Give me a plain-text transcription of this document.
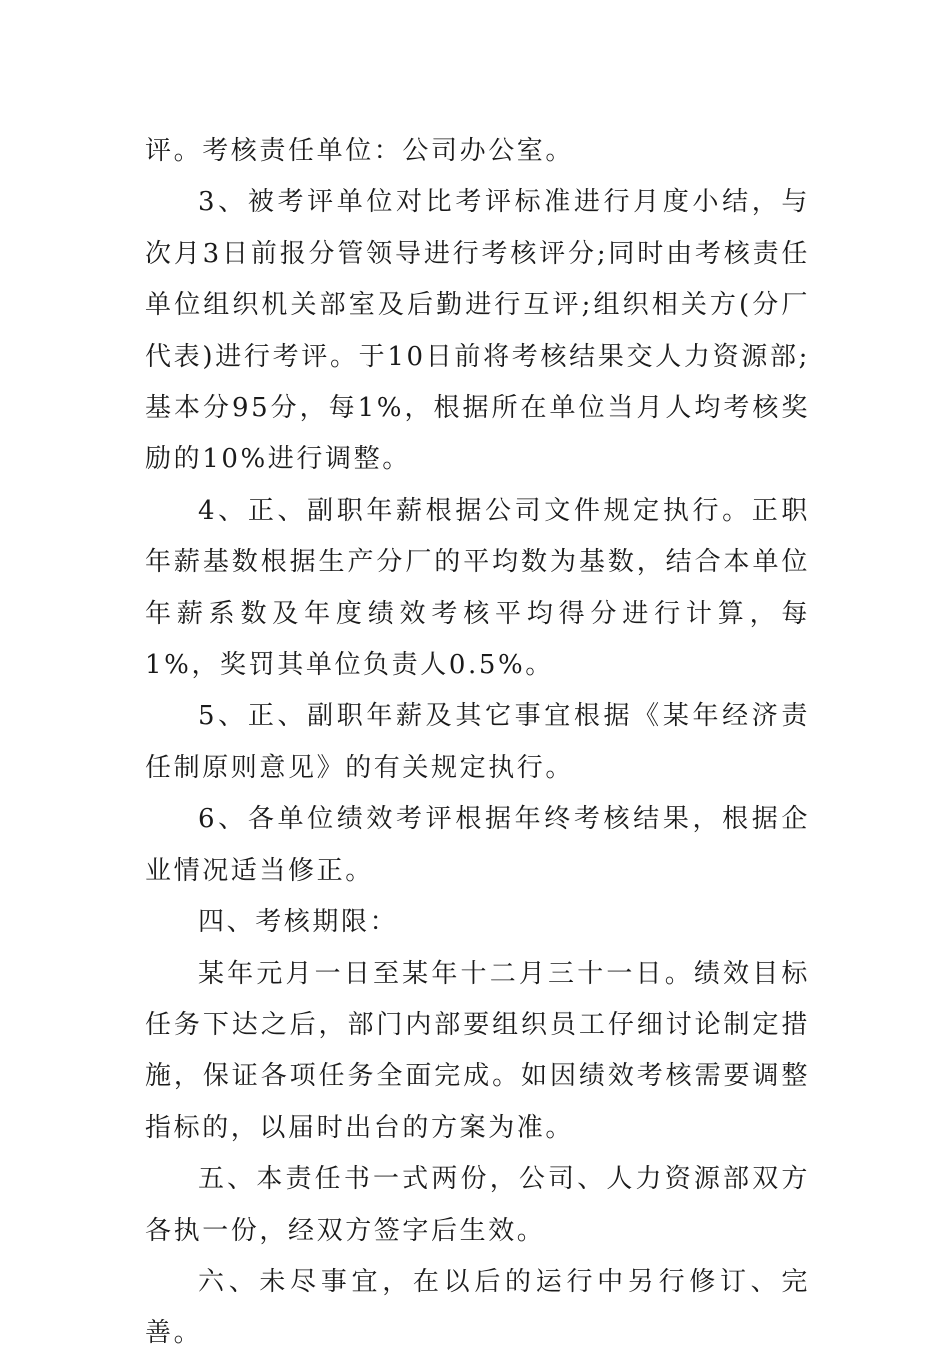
评。考核责任单位：公司办公室。

3、被考评单位对比考评标准进行月度小结，与次月3日前报分管领导进行考核评分;同时由考核责任单位组织机关部室及后勤进行互评;组织相关方(分厂代表)进行考评。于10日前将考核结果交人力资源部;基本分95分，每1%，根据所在单位当月人均考核奖励的10%进行调整。

4、正、副职年薪根据公司文件规定执行。正职年薪基数根据生产分厂的平均数为基数，结合本单位年薪系数及年度绩效考核平均得分进行计算，每1%，奖罚其单位负责人0.5%。

5、正、副职年薪及其它事宜根据《某年经济责任制原则意见》的有关规定执行。

6、各单位绩效考评根据年终考核结果，根据企业情况适当修正。

四、考核期限：

某年元月一日至某年十二月三十一日。绩效目标任务下达之后，部门内部要组织员工仔细讨论制定措施，保证各项任务全面完成。如因绩效考核需要调整指标的，以届时出台的方案为准。

五、本责任书一式两份，公司、人力资源部双方各执一份，经双方签字后生效。

六、未尽事宜，在以后的运行中另行修订、完善。
